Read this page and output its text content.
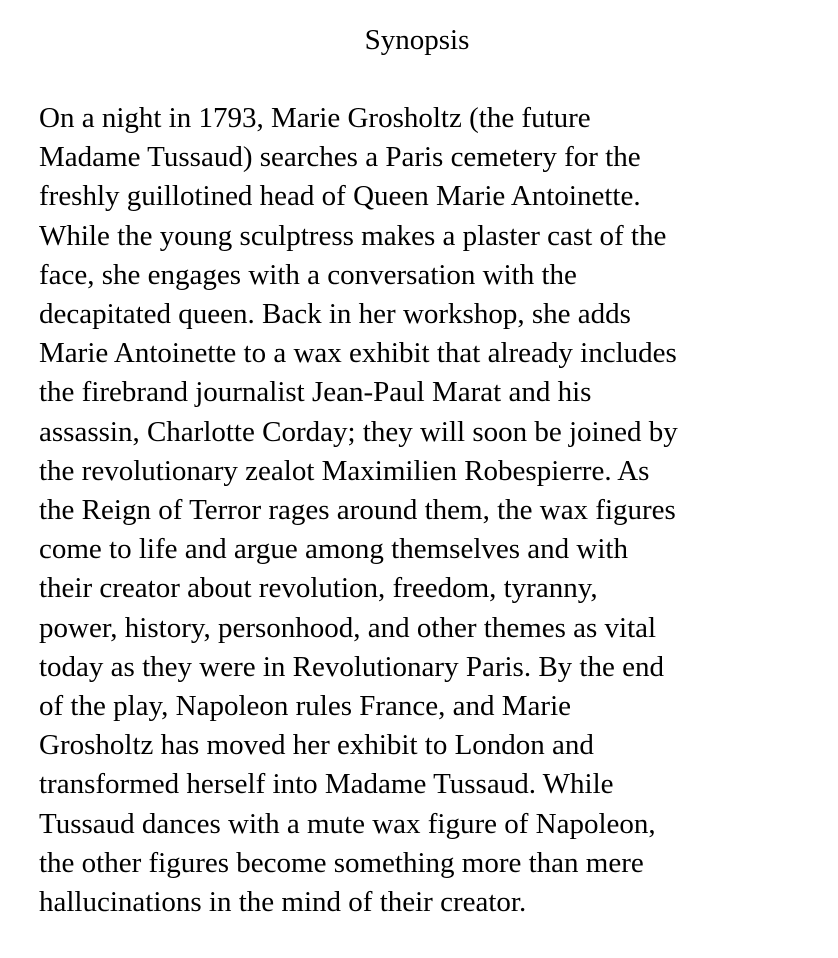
Synopsis

On a night in 1793, Marie Grosholtz (the future
Madame Tussaud) searches a Paris cemetery for the
freshly guillotined head of Queen Marie Antoinette.
While the young sculptress makes a plaster cast of the
face, she engages with a conversation with the
decapitated queen. Back in her workshop, she adds
Marie Antoinette to a wax exhibit that already includes
the firebrand journalist Jean-Paul Marat and his
assassin, Charlotte Corday; they will soon be joined by
the revolutionary zealot Maximilien Robespierre. As
the Reign of Terror rages around them, the wax figures
come to life and argue among themselves and with
their creator about revolution, freedom, tyranny,
power, history, personhood, and other themes as vital
today as they were in Revolutionary Paris. By the end
of the play, Napoleon rules France, and Marie
Grosholtz has moved her exhibit to London and
transformed herself into Madame Tussaud. While
Tussaud dances with a mute wax figure of Napoleon,
the other figures become something more than mere
hallucinations in the mind of their creator.
